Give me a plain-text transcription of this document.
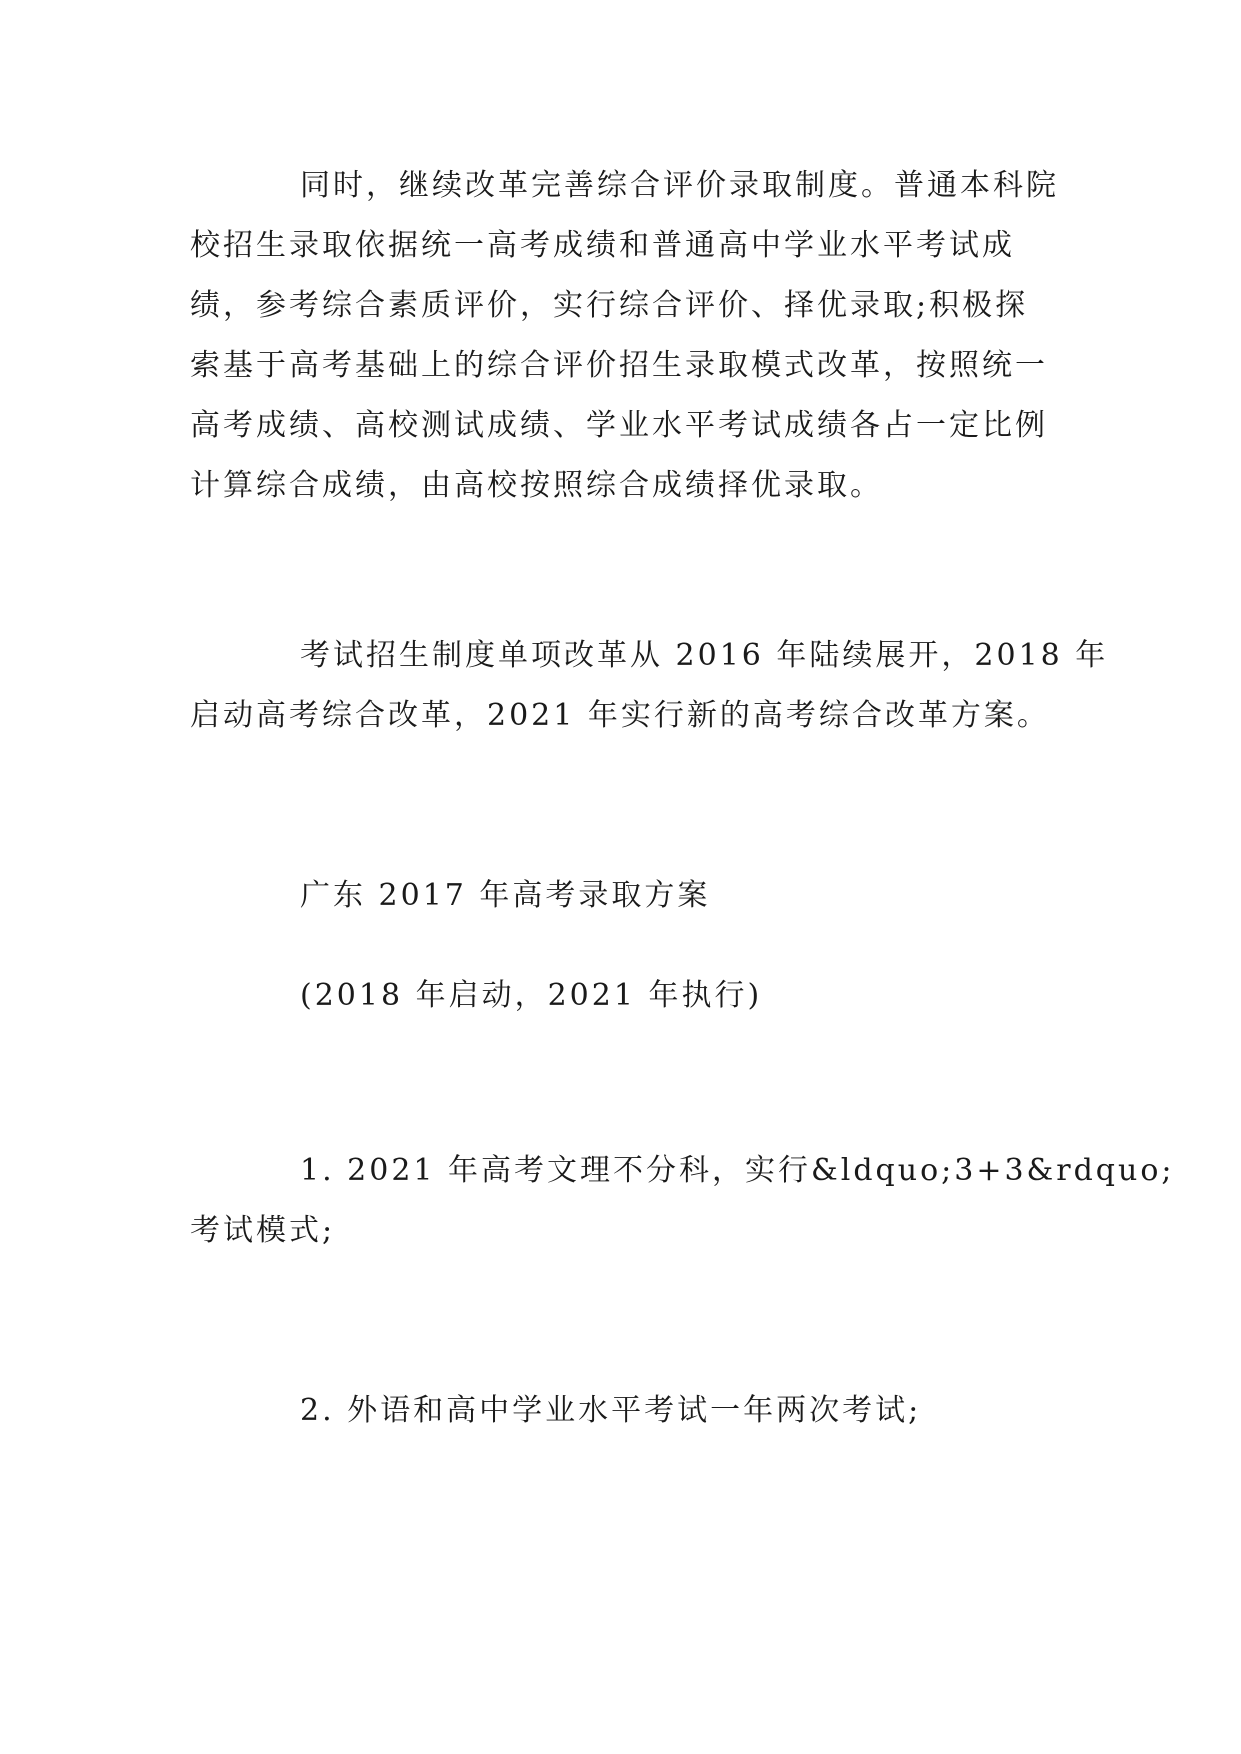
同时，继续改革完善综合评价录取制度。普通本科院
校招生录取依据统一高考成绩和普通高中学业水平考试成
绩，参考综合素质评价，实行综合评价、择优录取;积极探
索基于高考基础上的综合评价招生录取模式改革，按照统一
高考成绩、高校测试成绩、学业水平考试成绩各占一定比例
计算综合成绩，由高校按照综合成绩择优录取。
考试招生制度单项改革从 2016 年陆续展开，2018 年
启动高考综合改革，2021 年实行新的高考综合改革方案。
广东 2017 年高考录取方案
(2018 年启动，2021 年执行)
1. 2021 年高考文理不分科，实行&ldquo;3+3&rdquo;
考试模式;
2. 外语和高中学业水平考试一年两次考试;
